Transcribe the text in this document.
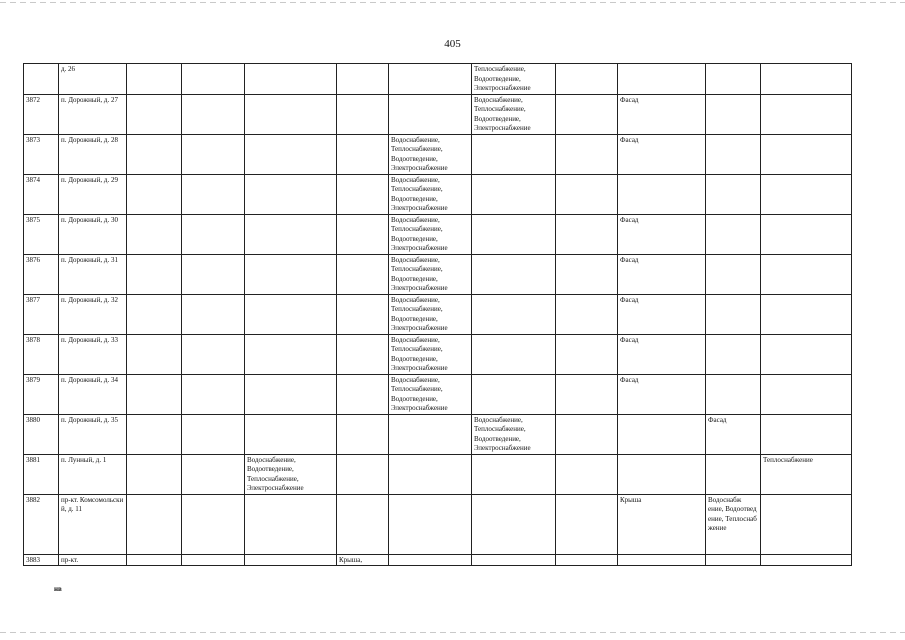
405
	д. 26						Теплоснабжение, Водоотведение, Электроснабжение				
3872	п. Дорожный, д. 27						Водоснабжение, Теплоснабжение, Водоотведение, Электроснабжение		Фасад		
3873	п. Дорожный, д. 28					Водоснабжение, Теплоснабжение, Водоотведение, Электроснабжение			Фасад		
3874	п. Дорожный, д. 29					Водоснабжение, Теплоснабжение, Водоотведение, Электроснабжение					
3875	п. Дорожный, д. 30					Водоснабжение, Теплоснабжение, Водоотведение, Электроснабжение			Фасад		
3876	п. Дорожный, д. 31					Водоснабжение, Теплоснабжение, Водоотведение, Электроснабжение			Фасад		
3877	п. Дорожный, д. 32					Водоснабжение, Теплоснабжение, Водоотведение, Электроснабжение			Фасад		
3878	п. Дорожный, д. 33					Водоснабжение, Теплоснабжение, Водоотведение, Электроснабжение			Фасад		
3879	п. Дорожный, д. 34					Водоснабжение, Теплоснабжение, Водоотведение, Электроснабжение			Фасад		
3880	п. Дорожный, д. 35						Водоснабжение, Теплоснабжение, Водоотведение, Электроснабжение			Фасад	
3881	п. Лунный, д. 1			Водоснабжение, Водоотведение, Теплоснабжение, Электроснабжение							Теплоснабжение
3882	пр-кт. Комсомольски й, д. 11								Крыша	Водоснабж ение, Водоотвед ение, Теплоснаб жение	
3883	пр-кт.				Крыша,						
нв
